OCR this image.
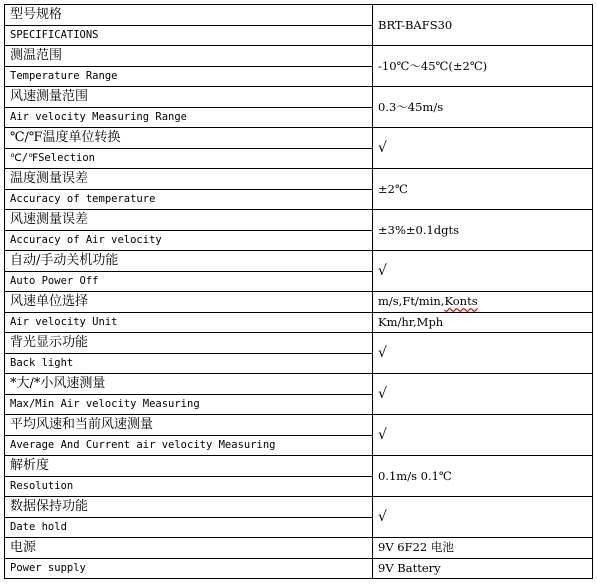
型号规格	BRT-BAFS30
SPECIFICATIONS	
测温范围	-10℃～45℃(±2℃)
Temperature Range	
风速测量范围	0.3～45m/s
Air velocity Measuring Range	
℃/℉温度单位转换	√
℃/℉Selection	
温度测量误差	±2℃
Accuracy of temperature	
风速测量误差	±3%±0.1dgts
Accuracy of Air velocity	
自动/手动关机功能	√
Auto Power Off	
风速单位选择	m/s,Ft/min,Konts
Air velocity Unit	Km/hr,Mph
背光显示功能	√
Back light	
*大/*小风速测量	√
Max/Min Air velocity Measuring	
平均风速和当前风速测量	√
Average And Current air velocity Measuring	
解析度	0.1m/s 0.1℃
Resolution	
数据保持功能	√
Date hold	
电源	9V 6F22 电池
Power supply	9V Battery
